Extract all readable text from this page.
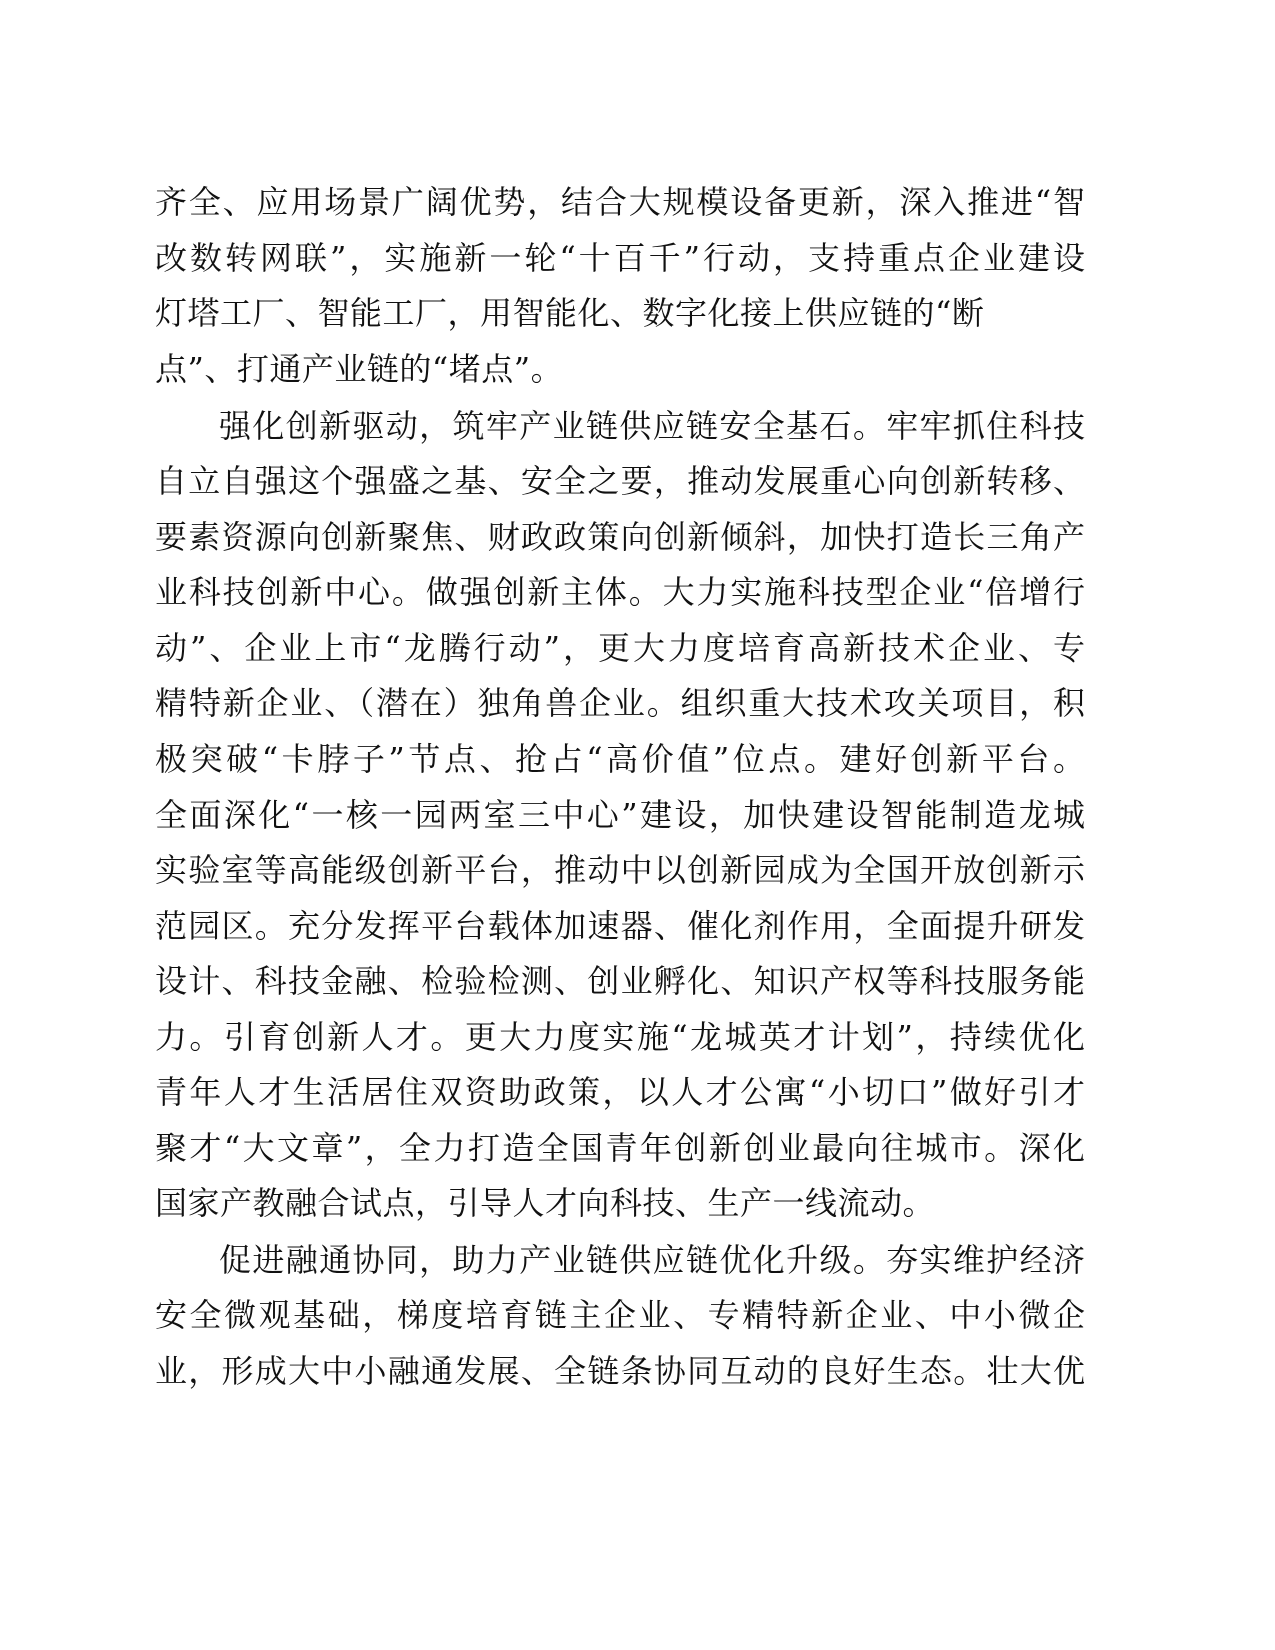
齐全、应用场景广阔优势，结合大规模设备更新，深入推进“智
改数转网联”，实施新一轮“十百千”行动，支持重点企业建设
灯塔工厂、智能工厂，用智能化、数字化接上供应链的“断
点”、打通产业链的“堵点”。
强化创新驱动，筑牢产业链供应链安全基石。牢牢抓住科技
自立自强这个强盛之基、安全之要，推动发展重心向创新转移、
要素资源向创新聚焦、财政政策向创新倾斜，加快打造长三角产
业科技创新中心。做强创新主体。大力实施科技型企业“倍增行
动”、企业上市“龙腾行动”，更大力度培育高新技术企业、专
精特新企业、（潜在）独角兽企业。组织重大技术攻关项目，积
极突破“卡脖子”节点、抢占“高价值”位点。建好创新平台。
全面深化“一核一园两室三中心”建设，加快建设智能制造龙城
实验室等高能级创新平台，推动中以创新园成为全国开放创新示
范园区。充分发挥平台载体加速器、催化剂作用，全面提升研发
设计、科技金融、检验检测、创业孵化、知识产权等科技服务能
力。引育创新人才。更大力度实施“龙城英才计划”，持续优化
青年人才生活居住双资助政策，以人才公寓“小切口”做好引才
聚才“大文章”，全力打造全国青年创新创业最向往城市。深化
国家产教融合试点，引导人才向科技、生产一线流动。
促进融通协同，助力产业链供应链优化升级。夯实维护经济
安全微观基础，梯度培育链主企业、专精特新企业、中小微企
业，形成大中小融通发展、全链条协同互动的良好生态。壮大优
